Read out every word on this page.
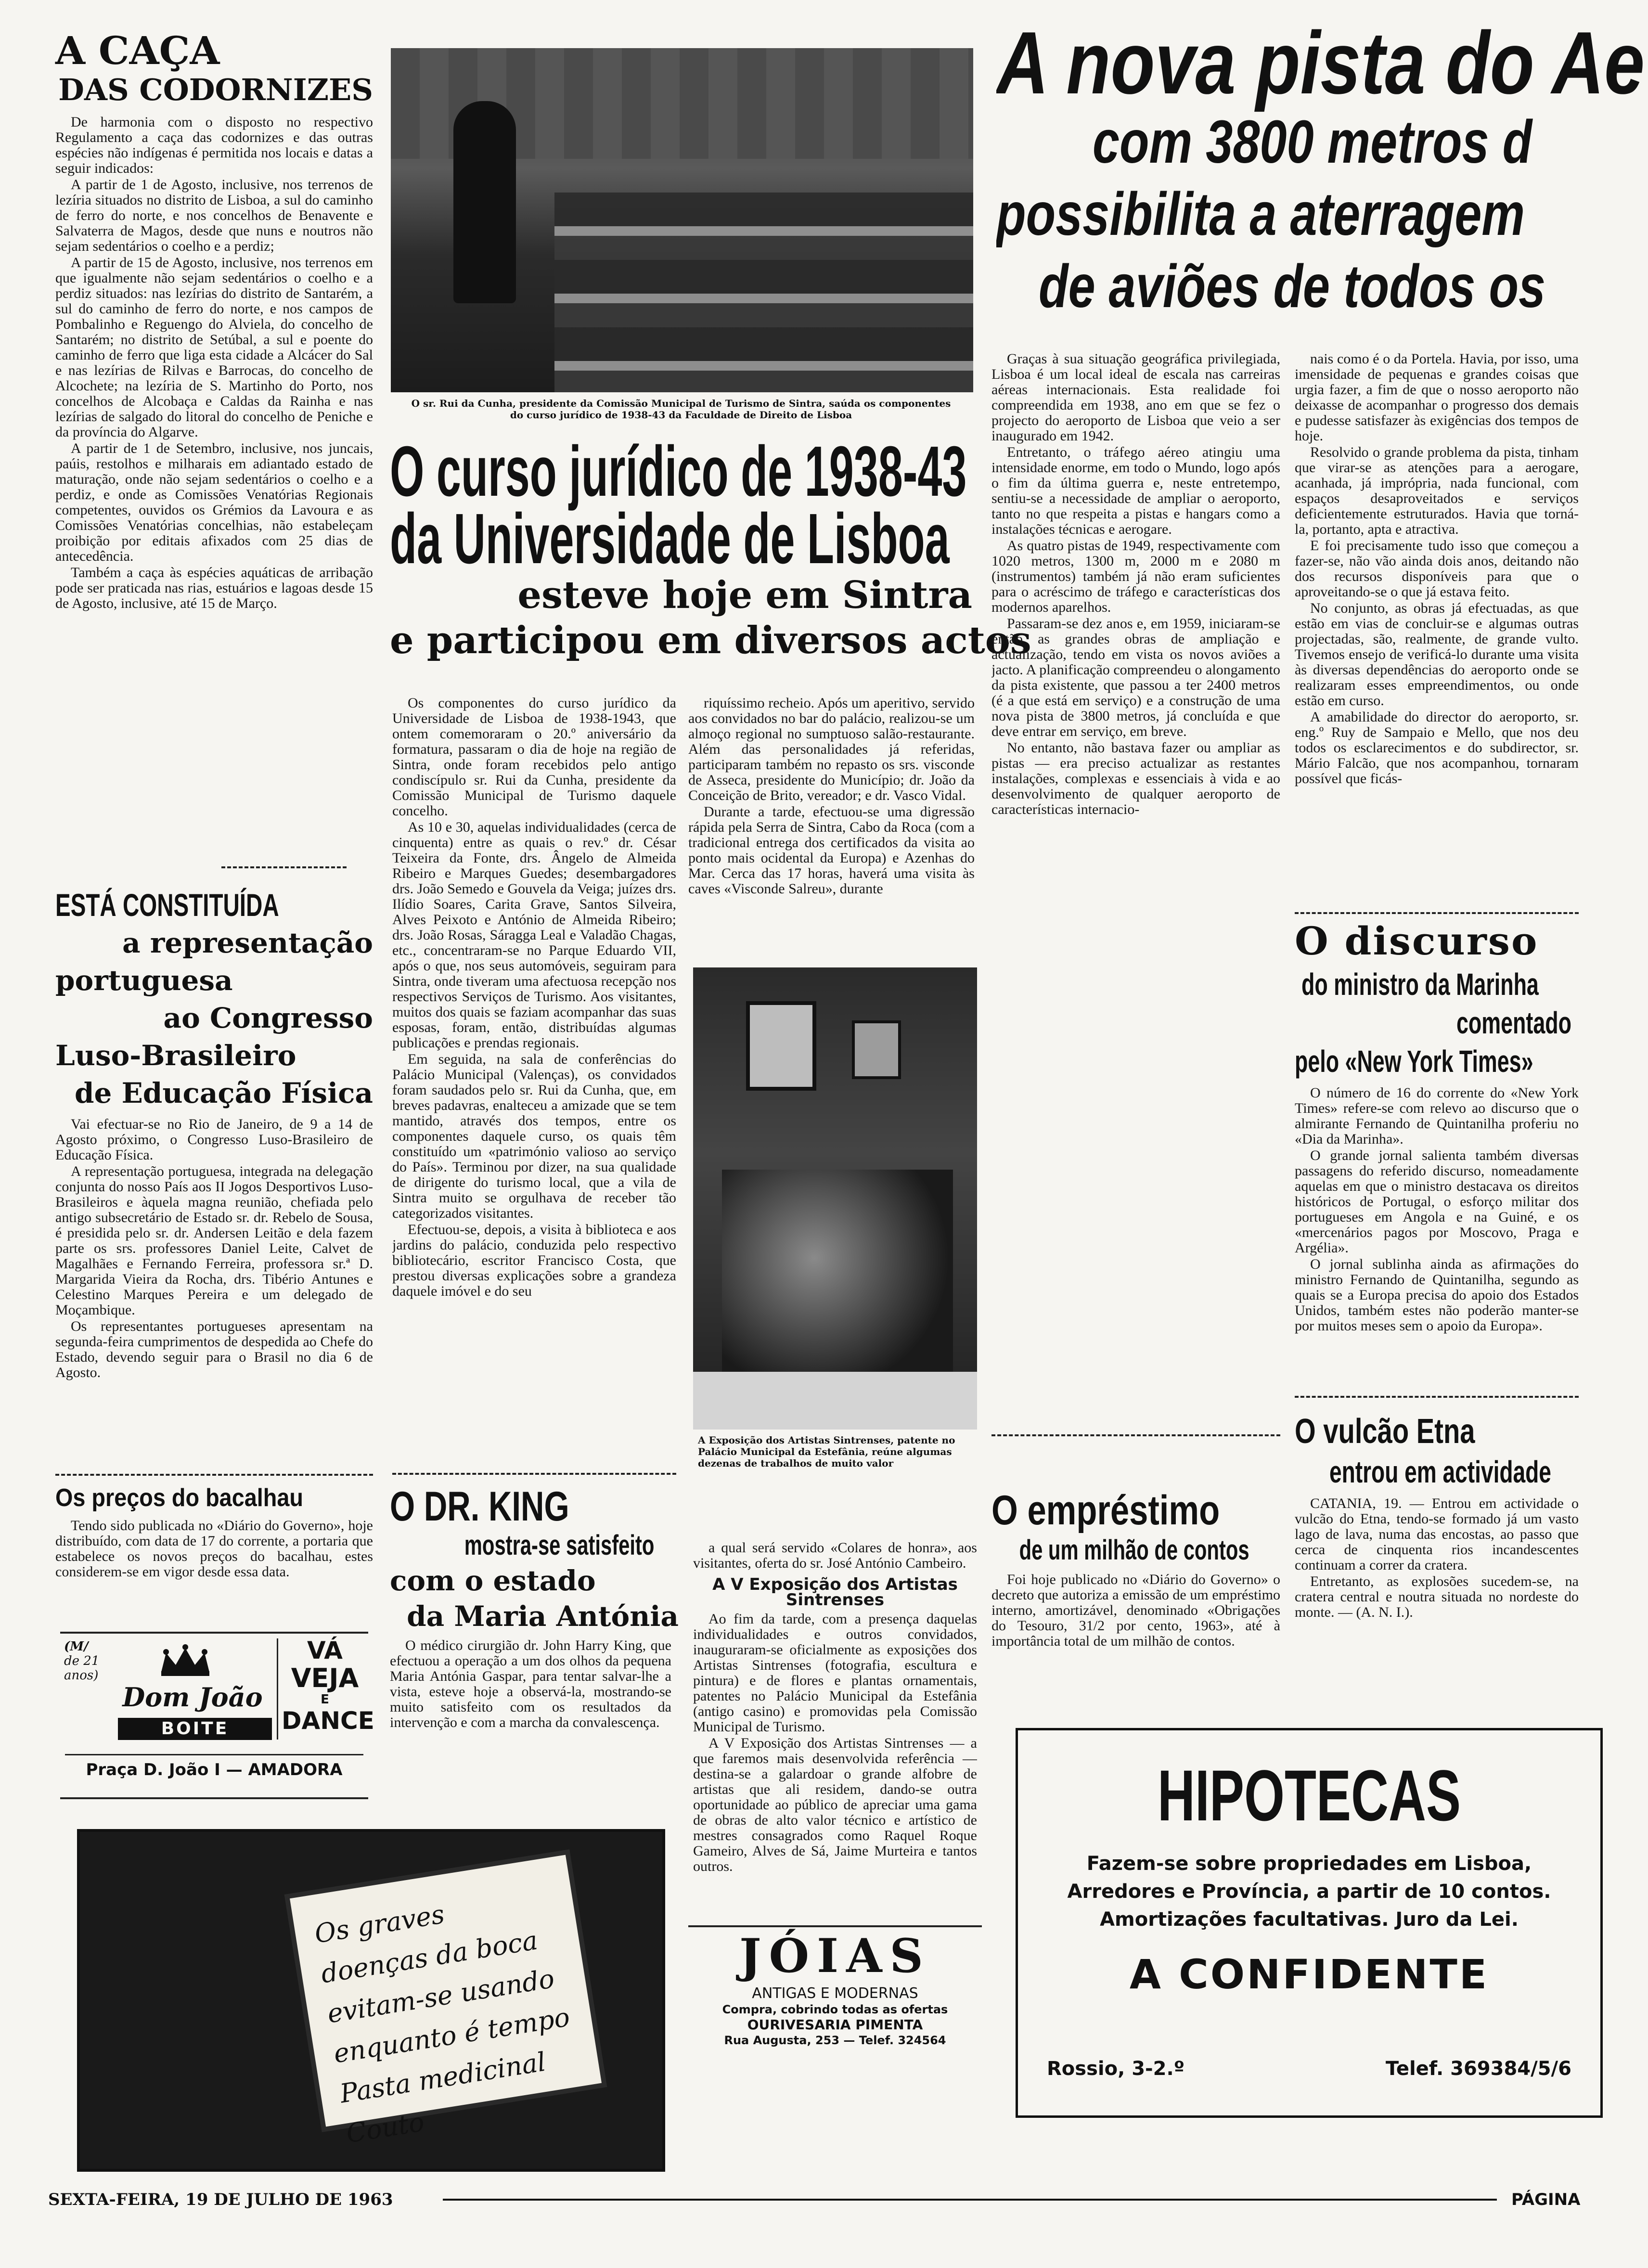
A CAÇA
DAS CODORNIZES

De harmonia com o disposto no respectivo Regulamento a caça das codornizes e das outras espécies não indígenas é permitida nos locais e datas a seguir indicados:

A partir de 1 de Agosto, inclusive, nos terrenos de lezíria situados no distrito de Lisboa, a sul do caminho de ferro do norte, e nos concelhos de Benavente e Salvaterra de Magos, desde que nuns e noutros não sejam sedentários o coelho e a perdiz;

A partir de 15 de Agosto, inclusive, nos terrenos em que igualmente não sejam sedentários o coelho e a perdiz situados: nas lezírias do distrito de Santarém, a sul do caminho de ferro do norte, e nos campos de Pombalinho e Reguengo do Alviela, do concelho de Santarém; no distrito de Setúbal, a sul e poente do caminho de ferro que liga esta cidade a Alcácer do Sal e nas lezírias de Rilvas e Barrocas, do concelho de Alcochete; na lezíria de S. Martinho do Porto, nos concelhos de Alcobaça e Caldas da Rainha e nas lezírias de salgado do litoral do concelho de Peniche e da província do Algarve.

A partir de 1 de Setembro, inclusive, nos juncais, paúis, restolhos e milharais em adiantado estado de maturação, onde não sejam sedentários o coelho e a perdiz, e onde as Comissões Venatórias Regionais competentes, ouvidos os Grémios da Lavoura e as Comissões Venatórias concelhias, não estabeleçam proibição por editais afixados com 25 dias de antecedência.

Também a caça às espécies aquáticas de arribação pode ser praticada nas rias, estuários e lagoas desde 15 de Agosto, inclusive, até 15 de Março.

ESTÁ CONSTITUÍDA
a representação
portuguesa
ao Congresso
Luso-Brasileiro
de Educação Física

Vai efectuar-se no Rio de Janeiro, de 9 a 14 de Agosto próximo, o Congresso Luso-Brasileiro de Educação Física.

A representação portuguesa, integrada na delegação conjunta do nosso País aos II Jogos Desportivos Luso-Brasileiros e àquela magna reunião, chefiada pelo antigo subsecretário de Estado sr. dr. Rebelo de Sousa, é presidida pelo sr. dr. Andersen Leitão e dela fazem parte os srs. professores Daniel Leite, Calvet de Magalhães e Fernando Ferreira, professora sr.ª D. Margarida Vieira da Rocha, drs. Tibério Antunes e Celestino Marques Pereira e um delegado de Moçambique.

Os representantes portugueses apresentam na segunda-feira cumprimentos de despedida ao Chefe do Estado, devendo seguir para o Brasil no dia 6 de Agosto.

Os preços do bacalhau

Tendo sido publicada no «Diário do Governo», hoje distribuído, com data de 17 do corrente, a portaria que estabelece os novos preços do bacalhau, estes considerem-se em vigor desde essa data.

(M/
de 21
anos)
Dom João
BOITE
VÁ
VEJA
E
DANCE
Praça D. João I — AMADORA
Os graves doenças da boca evitam-se usando enquanto é tempo Pasta medicinal Couto

O sr. Rui da Cunha, presidente da Comissão Municipal de Turismo de Sintra, saúda os componentes do curso jurídico de 1938-43 da Faculdade de Direito de Lisboa

O curso jurídico de 1938-43
da Universidade de Lisboa
esteve hoje em Sintra
e participou em diversos actos

Os componentes do curso jurídico da Universidade de Lisboa de 1938-1943, que ontem comemoraram o 20.º aniversário da formatura, passaram o dia de hoje na região de Sintra, onde foram recebidos pelo antigo condiscípulo sr. Rui da Cunha, presidente da Comissão Municipal de Turismo daquele concelho.

As 10 e 30, aquelas individualidades (cerca de cinquenta) entre as quais o rev.º dr. César Teixeira da Fonte, drs. Ângelo de Almeida Ribeiro e Marques Guedes; desembargadores drs. João Semedo e Gouvela da Veiga; juízes drs. Ilídio Soares, Carita Grave, Santos Silveira, Alves Peixoto e António de Almeida Ribeiro; drs. João Rosas, Sáragga Leal e Valadão Chagas, etc., concentraram-se no Parque Eduardo VII, após o que, nos seus automóveis, seguiram para Sintra, onde tiveram uma afectuosa recepção nos respectivos Serviços de Turismo. Aos visitantes, muitos dos quais se faziam acompanhar das suas esposas, foram, então, distribuídas algumas publicações e prendas regionais.

Em seguida, na sala de conferências do Palácio Municipal (Valenças), os convidados foram saudados pelo sr. Rui da Cunha, que, em breves padavras, enalteceu a amizade que se tem mantido, através dos tempos, entre os componentes daquele curso, os quais têm constituído um «património valioso ao serviço do País». Terminou por dizer, na sua qualidade de dirigente do turismo local, que a vila de Sintra muito se orgulhava de receber tão categorizados visitantes.

Efectuou-se, depois, a visita à biblioteca e aos jardins do palácio, conduzida pelo respectivo bibliotecário, escritor Francisco Costa, que prestou diversas explicações sobre a grandeza daquele imóvel e do seu

riquíssimo recheio. Após um aperitivo, servido aos convidados no bar do palácio, realizou-se um almoço regional no sumptuoso salão-restaurante. Além das personalidades já referidas, participaram também no repasto os srs. visconde de Asseca, presidente do Município; dr. João da Conceição de Brito, vereador; e dr. Vasco Vidal.

Durante a tarde, efectuou-se uma digressão rápida pela Serra de Sintra, Cabo da Roca (com a tradicional entrega dos certificados da visita ao ponto mais ocidental da Europa) e Azenhas do Mar. Cerca das 17 horas, haverá uma visita às caves «Visconde Salreu», durante

A Exposição dos Artistas Sintrenses, patente no Palácio Municipal da Estefânia, reúne algumas dezenas de trabalhos de muito valor

O DR. KING
mostra-se satisfeito
com o estado
da Maria Antónia

O médico cirurgião dr. John Harry King, que efectuou a operação a um dos olhos da pequena Maria Antónia Gaspar, para tentar salvar-lhe a vista, esteve hoje a observá-la, mostrando-se muito satisfeito com os resultados da intervenção e com a marcha da convalescença.

a qual será servido «Colares de honra», aos visitantes, oferta do sr. José António Cambeiro.

A V Exposição dos Artistas Sintrenses

Ao fim da tarde, com a presença daquelas individualidades e outros convidados, inauguraram-se oficialmente as exposições dos Artistas Sintrenses (fotografia, escultura e pintura) e de flores e plantas ornamentais, patentes no Palácio Municipal da Estefânia (antigo casino) e promovidas pela Comissão Municipal de Turismo.

A V Exposição dos Artistas Sintrenses — a que faremos mais desenvolvida referência — destina-se a galardoar o grande alfobre de artistas que ali residem, dando-se outra oportunidade ao público de apreciar uma gama de obras de alto valor técnico e artístico de mestres consagrados como Raquel Roque Gameiro, Alves de Sá, Jaime Murteira e tantos outros.

JÓIAS
ANTIGAS E MODERNAS
Compra, cobrindo todas as ofertas
OURIVESARIA PIMENTA
Rua Augusta, 253 — Telef. 324564
A nova pista do Ae
com 3800 metros d
possibilita a aterragem
de aviões de todos os

Graças à sua situação geográfica privilegiada, Lisboa é um local ideal de escala nas carreiras aéreas internacionais. Esta realidade foi compreendida em 1938, ano em que se fez o projecto do aeroporto de Lisboa que veio a ser inaugurado em 1942.

Entretanto, o tráfego aéreo atingiu uma intensidade enorme, em todo o Mundo, logo após o fim da última guerra e, neste entretempo, sentiu-se a necessidade de ampliar o aeroporto, tanto no que respeita a pistas e hangars como a instalações técnicas e aerogare.

As quatro pistas de 1949, respectivamente com 1020 metros, 1300 m, 2000 m e 2080 m (instrumentos) também já não eram suficientes para o acréscimo de tráfego e características dos modernos aparelhos.

Passaram-se dez anos e, em 1959, iniciaram-se então as grandes obras de ampliação e actualização, tendo em vista os novos aviões a jacto. A planificação compreendeu o alongamento da pista existente, que passou a ter 2400 metros (é a que está em serviço) e a construção de uma nova pista de 3800 metros, já concluída e que deve entrar em serviço, em breve.

No entanto, não bastava fazer ou ampliar as pistas — era preciso actualizar as restantes instalações, complexas e essenciais à vida e ao desenvolvimento de qualquer aeroporto de características internacio-

nais como é o da Portela. Havia, por isso, uma imensidade de pequenas e grandes coisas que urgia fazer, a fim de que o nosso aeroporto não deixasse de acompanhar o progresso dos demais e pudesse satisfazer às exigências dos tempos de hoje.

Resolvido o grande problema da pista, tinham que virar-se as atenções para a aerogare, acanhada, já imprópria, nada funcional, com espaços desaproveitados e serviços deficientemente estruturados. Havia que torná-la, portanto, apta e atractiva.

E foi precisamente tudo isso que começou a fazer-se, não vão ainda dois anos, deitando não dos recursos disponíveis para que o aproveitando-se o que já estava feito.

No conjunto, as obras já efectuadas, as que estão em vias de concluir-se e algumas outras projectadas, são, realmente, de grande vulto. Tivemos ensejo de verificá-lo durante uma visita às diversas dependências do aeroporto onde se realizaram esses empreendimentos, ou onde estão em curso.

A amabilidade do director do aeroporto, sr. eng.º Ruy de Sampaio e Mello, que nos deu todos os esclarecimentos e do subdirector, sr. Mário Falcão, que nos acompanhou, tornaram possível que ficás-

O discurso
do ministro da Marinha
comentado
pelo «New York Times»

O número de 16 do corrente do «New York Times» refere-se com relevo ao discurso que o almirante Fernando de Quintanilha proferiu no «Dia da Marinha».

O grande jornal salienta também diversas passagens do referido discurso, nomeadamente aquelas em que o ministro destacava os direitos históricos de Portugal, o esforço militar dos portugueses em Angola e na Guiné, e os «mercenários pagos por Moscovo, Praga e Argélia».

O jornal sublinha ainda as afirmações do ministro Fernando de Quintanilha, segundo as quais se a Europa precisa do apoio dos Estados Unidos, também estes não poderão manter-se por muitos meses sem o apoio da Europa».

O empréstimo
de um milhão de contos

Foi hoje publicado no «Diário do Governo» o decreto que autoriza a emissão de um empréstimo interno, amortizável, denominado «Obrigações do Tesouro, 31/2 por cento, 1963», até à importância total de um milhão de contos.

O vulcão Etna
entrou em actividade

CATANIA, 19. — Entrou em actividade o vulcão do Etna, tendo-se formado já um vasto lago de lava, numa das encostas, ao passo que cerca de cinquenta rios incandescentes continuam a correr da cratera.

Entretanto, as explosões sucedem-se, na cratera central e noutra situada no nordeste do monte. — (A. N. I.).

HIPOTECAS
Fazem-se sobre propriedades em Lisboa,
Arredores e Província, a partir de 10 contos.
Amortizações facultativas. Juro da Lei.
A CONFIDENTE
Rossio, 3-2.º	Telef. 369384/5/6
SEXTA-FEIRA, 19 DE JULHO DE 1963	PÁGINA
